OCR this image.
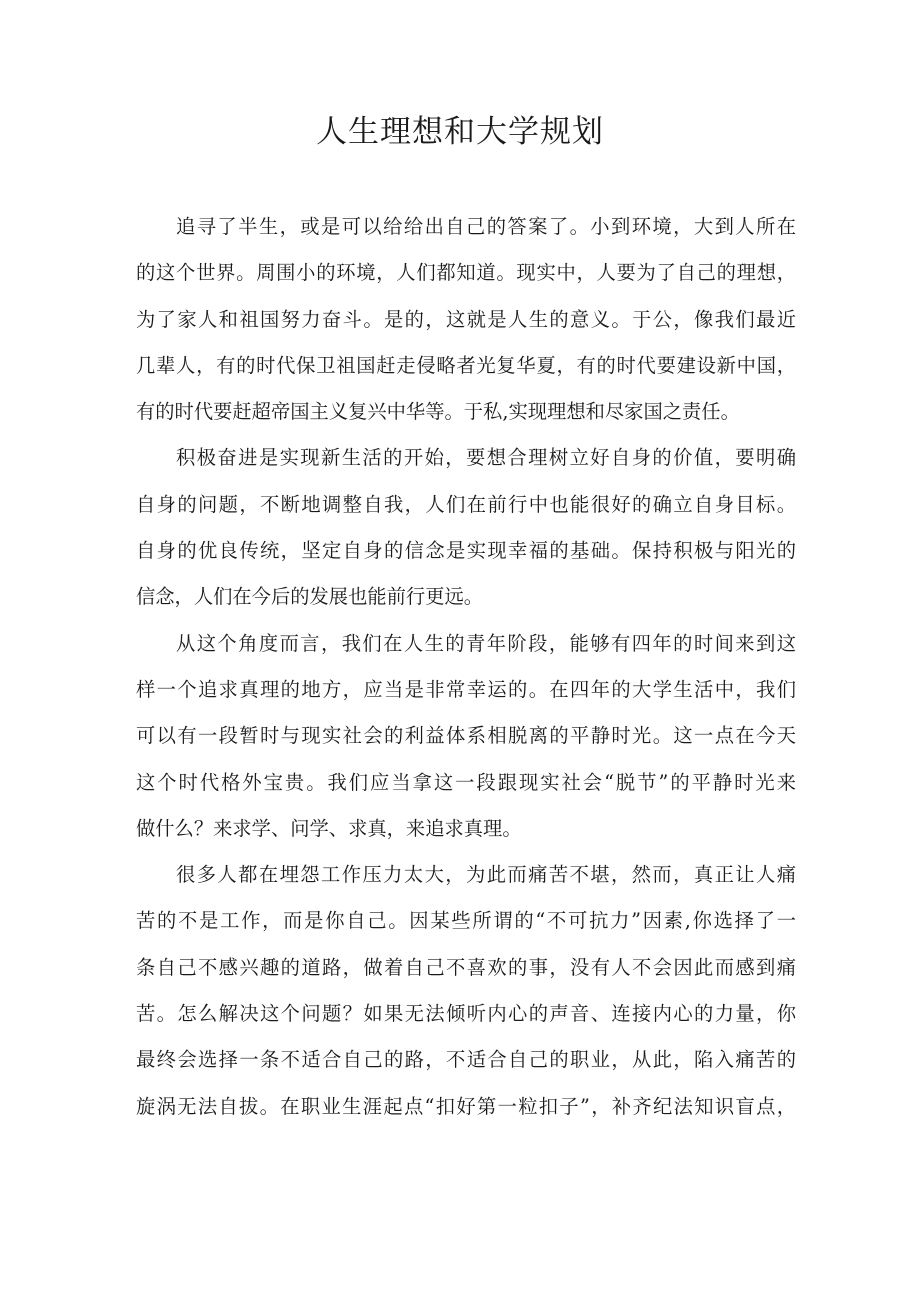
人生理想和大学规划

追寻了半生，或是可以给给出自己的答案了。小到环境，大到人所在
的这个世界。周围小的环境，人们都知道。现实中，人要为了自己的理想，
为了家人和祖国努力奋斗。是的，这就是人生的意义。于公，像我们最近
几辈人，有的时代保卫祖国赶走侵略者光复华夏，有的时代要建设新中国，
有的时代要赶超帝国主义复兴中华等。于私,实现理想和尽家国之责任。

积极奋进是实现新生活的开始，要想合理树立好自身的价值，要明确
自身的问题，不断地调整自我，人们在前行中也能很好的确立自身目标。
自身的优良传统，坚定自身的信念是实现幸福的基础。保持积极与阳光的
信念，人们在今后的发展也能前行更远。

从这个角度而言，我们在人生的青年阶段，能够有四年的时间来到这
样一个追求真理的地方，应当是非常幸运的。在四年的大学生活中，我们
可以有一段暂时与现实社会的利益体系相脱离的平静时光。这一点在今天
这个时代格外宝贵。我们应当拿这一段跟现实社会“脱节”的平静时光来
做什么？来求学、问学、求真，来追求真理。

很多人都在埋怨工作压力太大，为此而痛苦不堪，然而，真正让人痛
苦的不是工作，而是你自己。因某些所谓的“不可抗力”因素,你选择了一
条自己不感兴趣的道路，做着自己不喜欢的事，没有人不会因此而感到痛
苦。怎么解决这个问题？如果无法倾听内心的声音、连接内心的力量，你
最终会选择一条不适合自己的路，不适合自己的职业，从此，陷入痛苦的
旋涡无法自拔。在职业生涯起点“扣好第一粒扣子”，补齐纪法知识盲点，
